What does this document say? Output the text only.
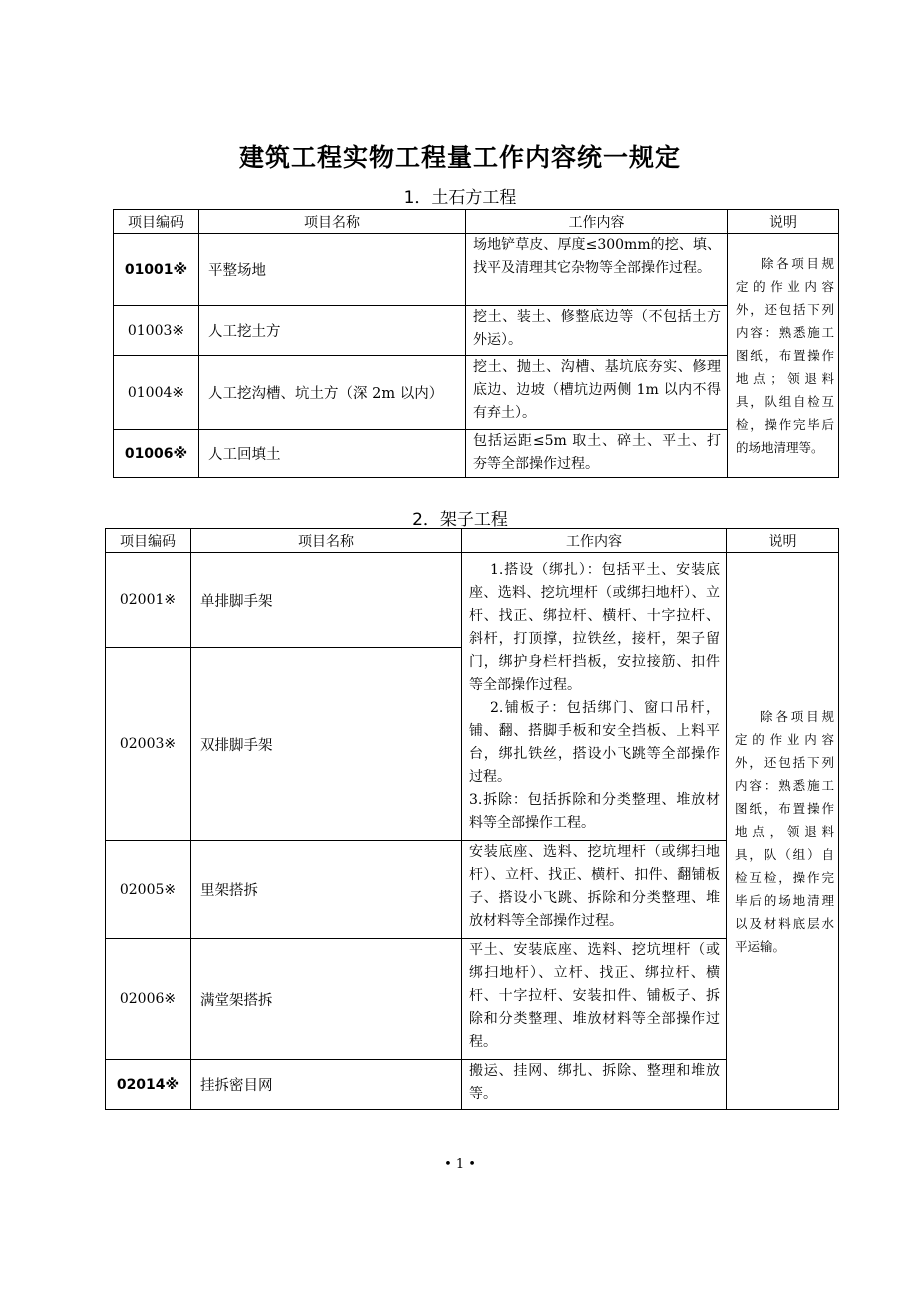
建筑工程实物工程量工作内容统一规定
1．土石方工程
项目编码	项目名称	工作内容	说明
01001※	平整场地	场地铲草皮、厚度≤300mm的挖、填、找平及清理其它杂物等全部操作过程。	除各项目规定的作业内容外，还包括下列内容：熟悉施工图纸，布置操作地点；领退料具，队组自检互检，操作完毕后的场地清理等。
01003※	人工挖土方	挖土、装土、修整底边等（不包括土方外运）。	
01004※	人工挖沟槽、坑土方（深 2m 以内）	挖土、抛土、沟槽、基坑底夯实、修理底边、边坡（槽坑边两侧 1m 以内不得有弃土）。	
01006※	人工回填土	包括运距≤5m 取土、碎土、平土、打夯等全部操作过程。	
2．架子工程
项目编码	项目名称	工作内容	说明
02001※	单排脚手架	1.搭设（绑扎）：包括平土、安装底座、选料、挖坑埋杆（或绑扫地杆）、立杆、找正、绑拉杆、横杆、十字拉杆、斜杆，打顶撑，拉铁丝，接杆，架子留门，绑护身栏杆挡板，安拉接筋、扣件等全部操作过程。
2.铺板子：包括绑门、窗口吊杆，铺、翻、搭脚手板和安全挡板、上料平台，绑扎铁丝，搭设小飞跳等全部操作过程。
3.拆除：包括拆除和分类整理、堆放材料等全部操作工程。	除各项目规定的作业内容外，还包括下列内容：熟悉施工图纸，布置操作地点，领退料具，队（组）自检互检，操作完毕后的场地清理以及材料底层水平运输。
02003※	双排脚手架		
02005※	里架搭拆	安装底座、选料、挖坑埋杆（或绑扫地杆）、立杆、找正、横杆、扣件、翻铺板子、搭设小飞跳、拆除和分类整理、堆放材料等全部操作过程。	
02006※	满堂架搭拆	平土、安装底座、选料、挖坑埋杆（或绑扫地杆）、立杆、找正、绑拉杆、横杆、十字拉杆、安装扣件、铺板子、拆除和分类整理、堆放材料等全部操作过程。	
02014※	挂拆密目网	搬运、挂网、绑扎、拆除、整理和堆放等。	
• 1 •
